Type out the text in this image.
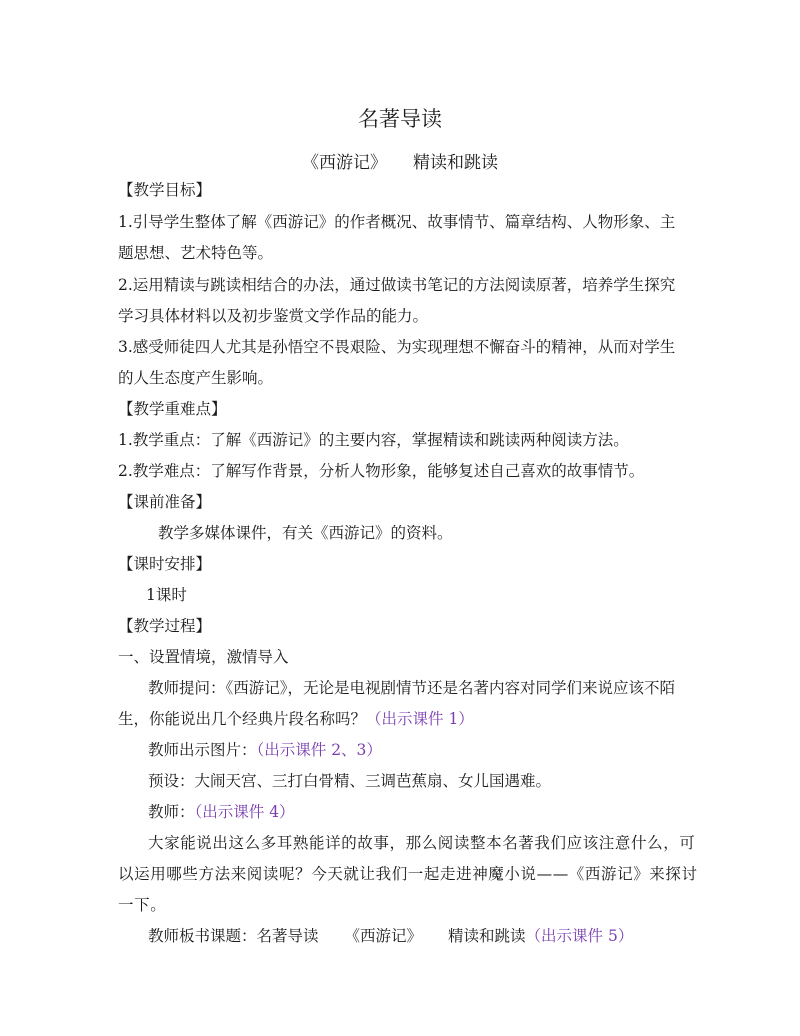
名著导读
《西游记》 精读和跳读
【教学目标】
1.引导学生整体了解《西游记》的作者概况、故事情节、篇章结构、人物形象、主
题思想、艺术特色等。
2.运用精读与跳读相结合的办法，通过做读书笔记的方法阅读原著，培养学生探究
学习具体材料以及初步鉴赏文学作品的能力。
3.感受师徒四人尤其是孙悟空不畏艰险、为实现理想不懈奋斗的精神，从而对学生
的人生态度产生影响。
【教学重难点】
1.教学重点：了解《西游记》的主要内容，掌握精读和跳读两种阅读方法。
2.教学难点：了解写作背景，分析人物形象，能够复述自己喜欢的故事情节。
【课前准备】
教学多媒体课件，有关《西游记》的资料。
【课时安排】
1课时
【教学过程】
一、设置情境，激情导入
教师提问：《西游记》，无论是电视剧情节还是名著内容对同学们来说应该不陌
生，你能说出几个经典片段名称吗？（出示课件 1）
教师出示图片：（出示课件 2、3）
预设：大闹天宫、三打白骨精、三调芭蕉扇、女儿国遇难。
教师：（出示课件 4）
大家能说出这么多耳熟能详的故事，那么阅读整本名著我们应该注意什么，可
以运用哪些方法来阅读呢？今天就让我们一起走进神魔小说——《西游记》来探讨
一下。
教师板书课题：名著导读 《西游记》 精读和跳读（出示课件 5）
